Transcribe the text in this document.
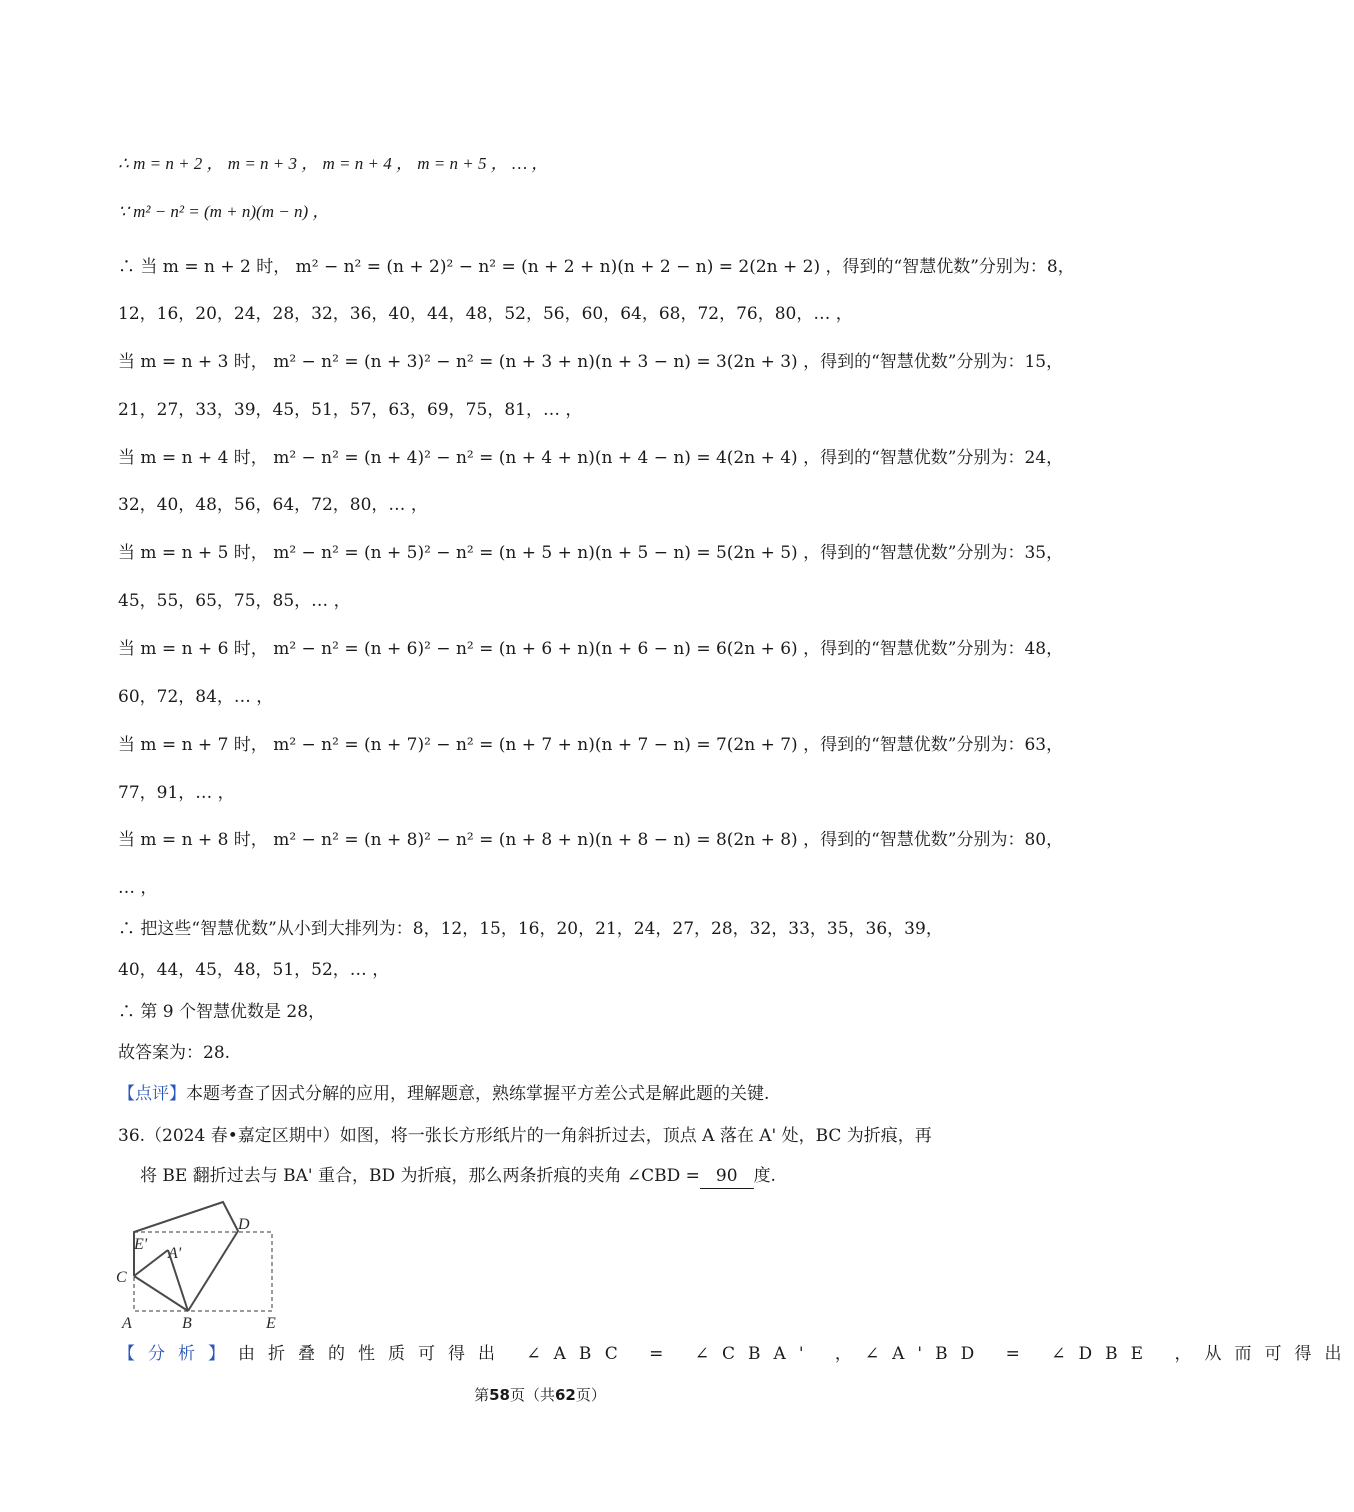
∴ m = n + 2 ， m = n + 3 ， m = n + 4 ， m = n + 5 ， … ，
∵ m² − n² = (m + n)(m − n) ，
∴ 当 m = n + 2 时， m² − n² = (n + 2)² − n² = (n + 2 + n)(n + 2 − n) = 2(2n + 2) ，得到的“智慧优数”分别为：8，
12，16，20，24，28，32，36，40，44，48，52，56，60，64，68，72，76，80，… ，
当 m = n + 3 时， m² − n² = (n + 3)² − n² = (n + 3 + n)(n + 3 − n) = 3(2n + 3) ，得到的“智慧优数”分别为：15，
21，27，33，39，45，51，57，63，69，75，81，… ，
当 m = n + 4 时， m² − n² = (n + 4)² − n² = (n + 4 + n)(n + 4 − n) = 4(2n + 4) ，得到的“智慧优数”分别为：24，
32，40，48，56，64，72，80，… ，
当 m = n + 5 时， m² − n² = (n + 5)² − n² = (n + 5 + n)(n + 5 − n) = 5(2n + 5) ，得到的“智慧优数”分别为：35，
45，55，65，75，85，… ，
当 m = n + 6 时， m² − n² = (n + 6)² − n² = (n + 6 + n)(n + 6 − n) = 6(2n + 6) ，得到的“智慧优数”分别为：48，
60，72，84，… ，
当 m = n + 7 时， m² − n² = (n + 7)² − n² = (n + 7 + n)(n + 7 − n) = 7(2n + 7) ，得到的“智慧优数”分别为：63，
77，91，… ，
当 m = n + 8 时， m² − n² = (n + 8)² − n² = (n + 8 + n)(n + 8 − n) = 8(2n + 8) ，得到的“智慧优数”分别为：80，
… ，
∴ 把这些“智慧优数”从小到大排列为：8，12，15，16，20，21，24，27，28，32，33，35，36，39，
40，44，45，48，51，52，… ，
∴ 第 9 个智慧优数是 28，
故答案为：28.
【点评】本题考查了因式分解的应用，理解题意，熟练掌握平方差公式是解此题的关键.
36.（2024 春•嘉定区期中）如图，将一张长方形纸片的一角斜折过去，顶点 A 落在 A' 处，BC 为折痕，再
将 BE 翻折过去与 BA' 重合，BD 为折痕，那么两条折痕的夹角 ∠CBD = 90 度.
E'
A'
D
C
A	B	E
【分析】由折叠的性质可得出 ∠ABC = ∠CBA' ，∠A'BD = ∠DBE ，从而可得出
第58页（共62页）
